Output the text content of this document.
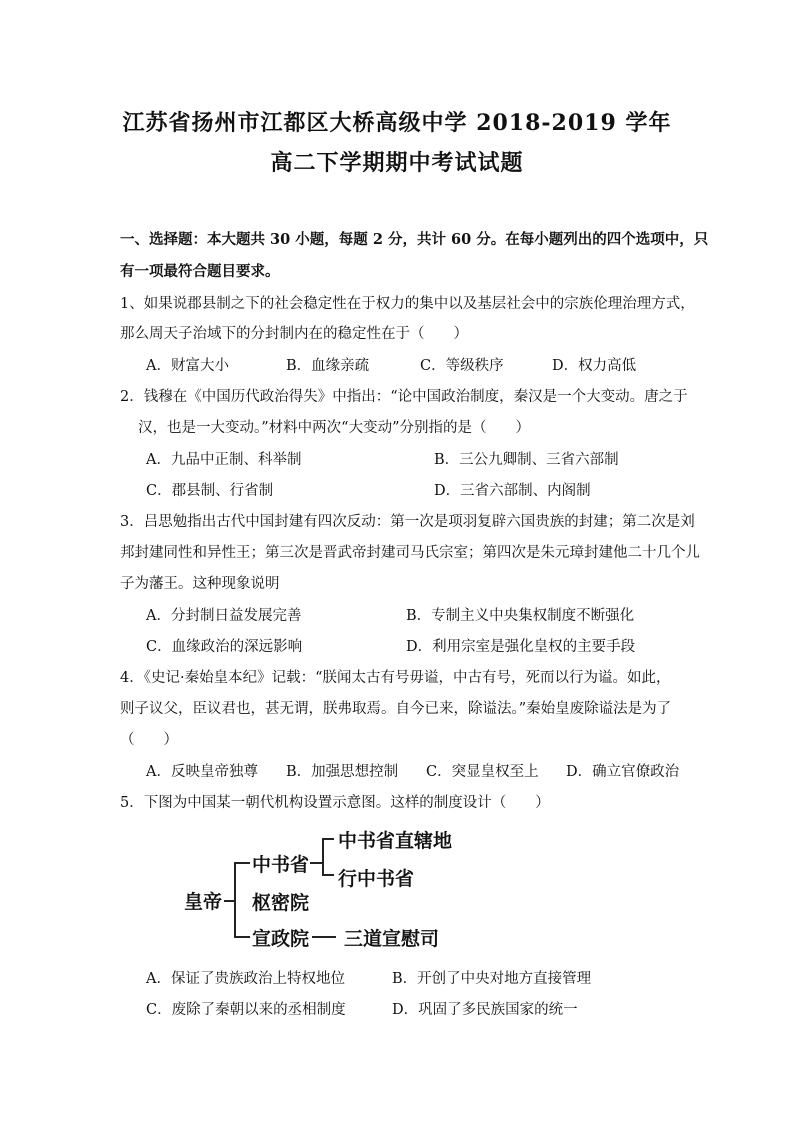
江苏省扬州市江都区大桥高级中学 2018-2019 学年
高二下学期期中考试试题
一、选择题：本大题共 30 小题，每题 2 分，共计 60 分。在每小题列出的四个选项中，只
有一项最符合题目要求。
1、如果说郡县制之下的社会稳定性在于权力的集中以及基层社会中的宗族伦理治理方式，
那么周天子治域下的分封制内在的稳定性在于（　　）
A．财富大小	B．血缘亲疏	C．等级秩序	D．权力高低
2．钱穆在《中国历代政治得失》中指出：“论中国政治制度，秦汉是一个大变动。唐之于
汉，也是一大变动。”材料中两次“大变动”分别指的是（　　）
A．九品中正制、科举制	B．三公九卿制、三省六部制
C．郡县制、行省制	D．三省六部制、内阁制
3．吕思勉指出古代中国封建有四次反动：第一次是项羽复辟六国贵族的封建；第二次是刘
邦封建同性和异性王；第三次是晋武帝封建司马氏宗室；第四次是朱元璋封建他二十几个儿
子为藩王。这种现象说明
A．分封制日益发展完善	B．专制主义中央集权制度不断强化
C．血缘政治的深远影响	D．利用宗室是强化皇权的主要手段
4．《史记·秦始皇本纪》记载：“朕闻太古有号毋谥，中古有号，死而以行为谥。如此，
则子议父，臣议君也，甚无谓，朕弗取焉。自今已来，除谥法。”秦始皇废除谥法是为了
（　　）
A．反映皇帝独尊 B．加强思想控制 C．突显皇权至上 D．确立官僚政治
5．下图为中国某一朝代机构设置示意图。这样的制度设计（　　）
皇帝
中书省
枢密院
宣政院
中书省直辖地
行中书省
三道宣慰司
A．保证了贵族政治上特权地位	B．开创了中央对地方直接管理
C．废除了秦朝以来的丞相制度	D．巩固了多民族国家的统一
